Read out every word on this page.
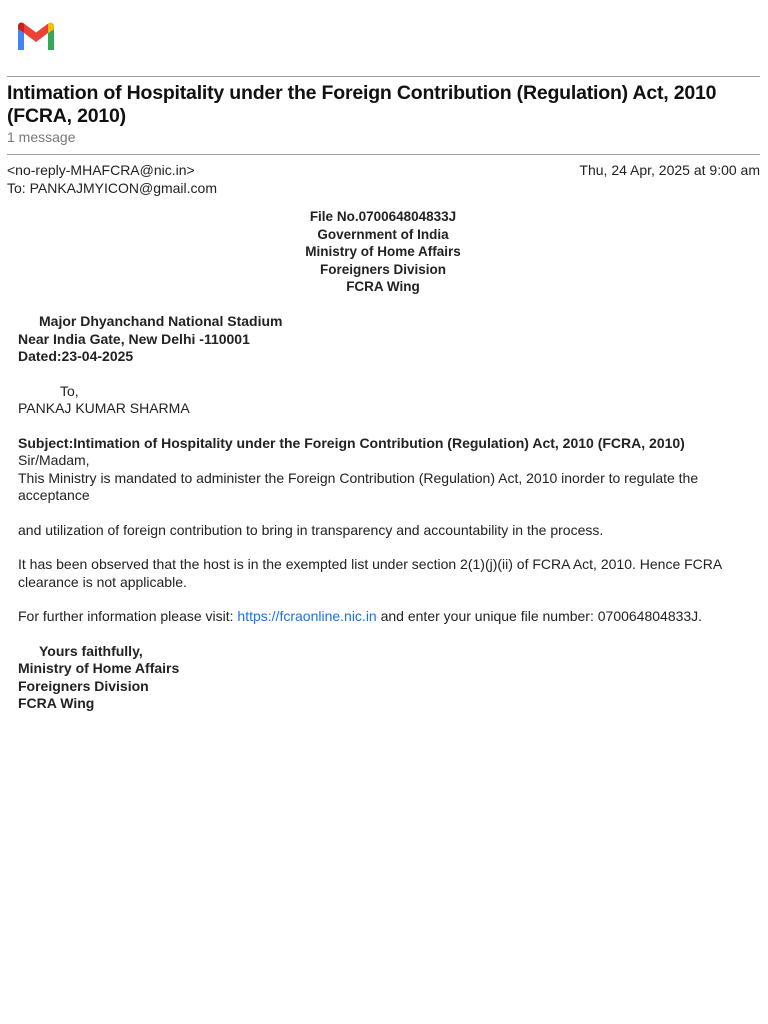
Intimation of Hospitality under the Foreign Contribution (Regulation) Act, 2010 (FCRA, 2010)
1 message
<no-reply-MHAFCRA@nic.in>
To: PANKAJMYICON@gmail.com
Thu, 24 Apr, 2025 at 9:00 am
File No.070064804833J
Government of India
Ministry of Home Affairs
Foreigners Division
FCRA Wing
Major Dhyanchand National Stadium
Near India Gate, New Delhi -110001
Dated:23-04-2025
To,
PANKAJ KUMAR SHARMA
Subject:Intimation of Hospitality under the Foreign Contribution (Regulation) Act, 2010 (FCRA, 2010)
Sir/Madam,
This Ministry is mandated to administer the Foreign Contribution (Regulation) Act, 2010 inorder to regulate the acceptance
and utilization of foreign contribution to bring in transparency and accountability in the process.
It has been observed that the host is in the exempted list under section 2(1)(j)(ii) of FCRA Act, 2010. Hence FCRA clearance is not applicable.
For further information please visit: https://fcraonline.nic.in and enter your unique file number: 070064804833J.
Yours faithfully,
Ministry of Home Affairs
Foreigners Division
FCRA Wing
